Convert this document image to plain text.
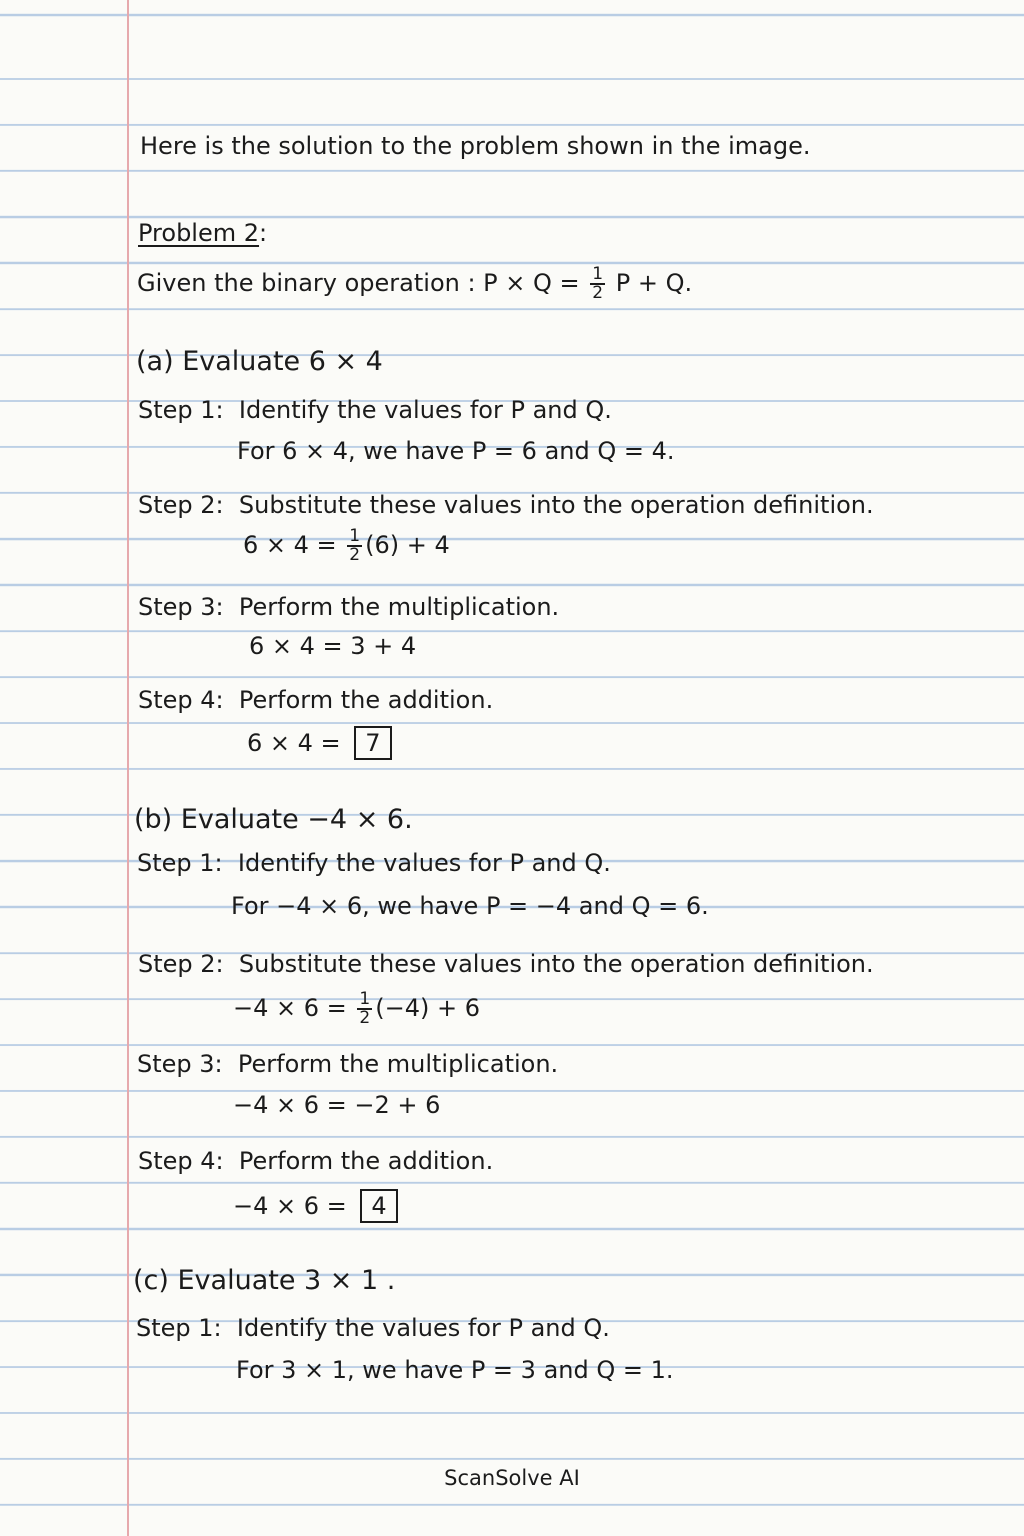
Here is the solution to the problem shown in the image.
Problem 2:
Given the binary operation : $P \times Q = \frac{1}{2}$ P + Q.
(a) Evaluate 6 × 4
Step 1: Identify the values for P and Q.
For 6 × 4, we have P = 6 and Q = 4.
Step 2: Substitute these values into the operation definition.
$6 \times 4 = \frac{1}{2} (6) + 4$
Step 3: Perform the multiplication.
6 × 4 = 3 + 4
Step 4: Perform the addition.
6 × 4 = 7
(b) Evaluate −4 × 6.
Step 1: Identify the values for P and Q.
For −4 × 6, we have P = −4 and Q = 6.
Step 2: Substitute these values into the operation definition.
$-4 \times 6 = \frac{1}{2} (-4) + 6$
Step 3: Perform the multiplication.
−4 × 6 = −2 + 6
Step 4: Perform the addition.
−4 × 6 = 4
(c) Evaluate 3 × 1 .
Step 1: Identify the values for P and Q.
For 3 × 1, we have P = 3 and Q = 1.
ScanSolve AI
